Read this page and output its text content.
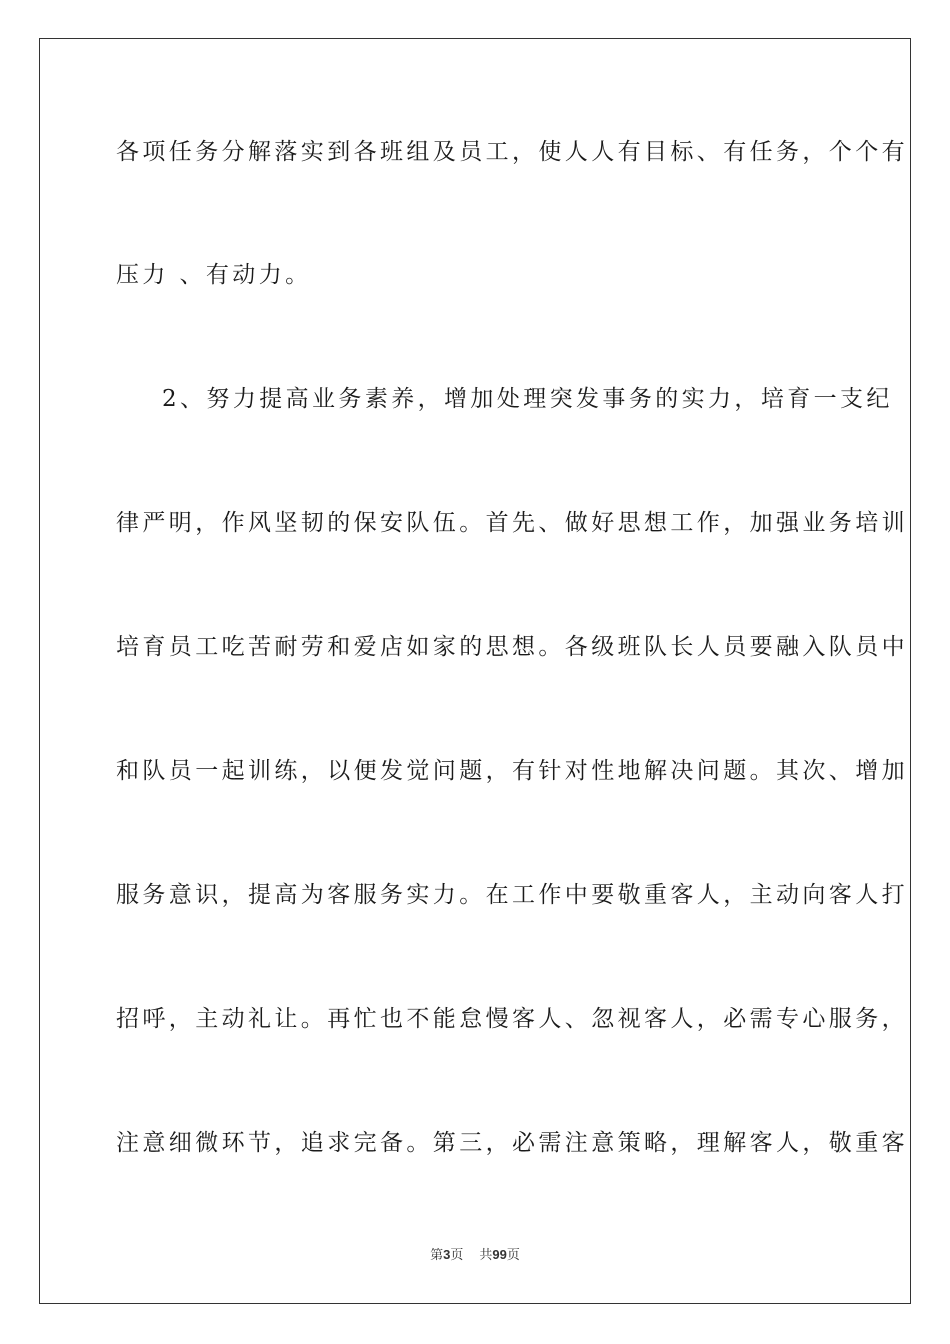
各项任务分解落实到各班组及员工，使人人有目标、有任务，个个有
压力 、有动力。
2、努力提高业务素养，增加处理突发事务的实力，培育一支纪
律严明，作风坚韧的保安队伍。首先、做好思想工作，加强业务培训
培育员工吃苦耐劳和爱店如家的思想。各级班队长人员要融入队员中
和队员一起训练，以便发觉问题，有针对性地解决问题。其次、增加
服务意识，提高为客服务实力。在工作中要敬重客人，主动向客人打
招呼，主动礼让。再忙也不能怠慢客人、忽视客人，必需专心服务，
注意细微环节，追求完备。第三，必需注意策略，理解客人，敬重客
第3页 共99页
